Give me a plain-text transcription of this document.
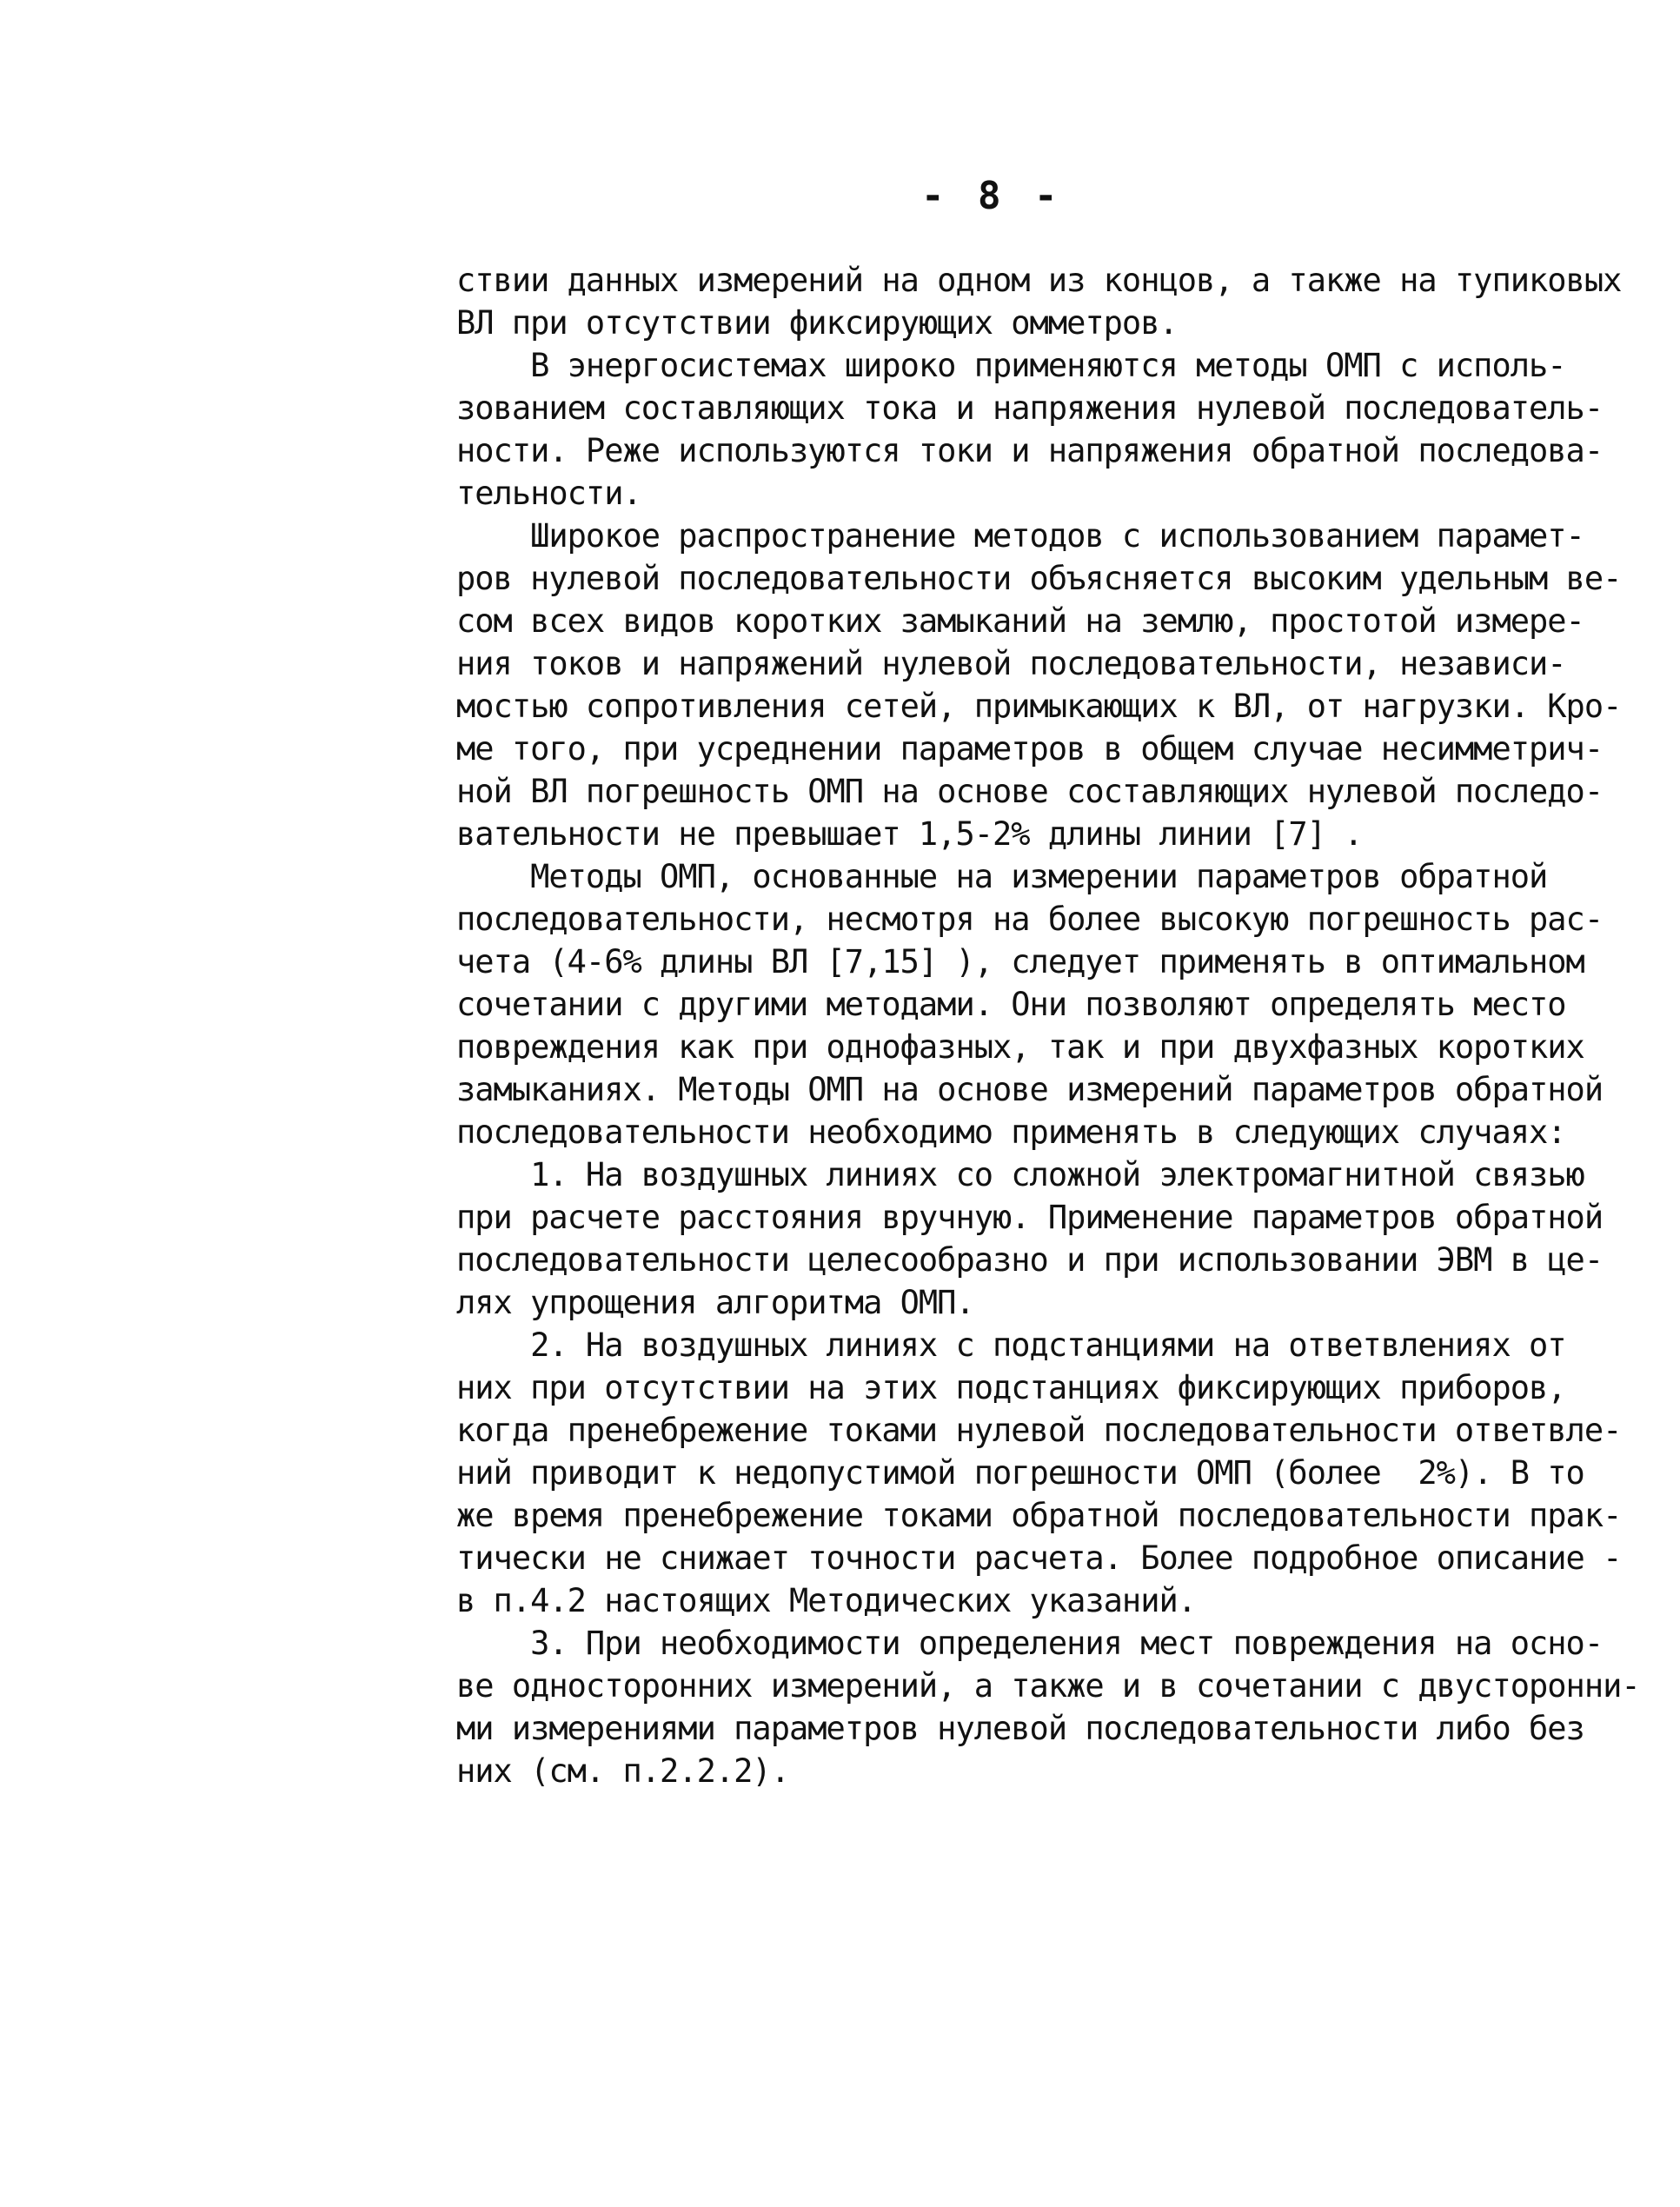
- 8 -
ствии данных измерений на одном из концов, а также на тупиковых
ВЛ при отсутствии фиксирующих омметров.
В энергосистемах широко применяются методы ОМП с исполь-
зованием составляющих тока и напряжения нулевой последователь-
ности. Реже используются токи и напряжения обратной последова-
тельности.
Широкое распространение методов с использованием парамет-
ров нулевой последовательности объясняется высоким удельным ве-
сом всех видов коротких замыканий на землю, простотой измере-
ния токов и напряжений нулевой последовательности, независи-
мостью сопротивления сетей, примыкающих к ВЛ, от нагрузки. Кро-
ме того, при усреднении параметров в общем случае несимметрич-
ной ВЛ погрешность ОМП на основе составляющих нулевой последо-
вательности не превышает 1,5-2% длины линии [7] .
Методы ОМП, основанные на измерении параметров обратной
последовательности, несмотря на более высокую погрешность рас-
чета (4-6% длины ВЛ [7,15] ), следует применять в оптимальном
сочетании с другими методами. Они позволяют определять место
повреждения как при однофазных, так и при двухфазных коротких
замыканиях. Методы ОМП на основе измерений параметров обратной
последовательности необходимо применять в следующих случаях:
1. На воздушных линиях со сложной электромагнитной связью
при расчете расстояния вручную. Применение параметров обратной
последовательности целесообразно и при использовании ЭВМ в це-
лях упрощения алгоритма ОМП.
2. На воздушных линиях с подстанциями на ответвлениях от
них при отсутствии на этих подстанциях фиксирующих приборов,
когда пренебрежение токами нулевой последовательности ответвле-
ний приводит к недопустимой погрешности ОМП (более  2%). В то
же время пренебрежение токами обратной последовательности прак-
тически не снижает точности расчета. Более подробное описание -
в п.4.2 настоящих Методических указаний.
3. При необходимости определения мест повреждения на осно-
ве односторонних измерений, а также и в сочетании с двусторонни-
ми измерениями параметров нулевой последовательности либо без
них (см. п.2.2.2).
